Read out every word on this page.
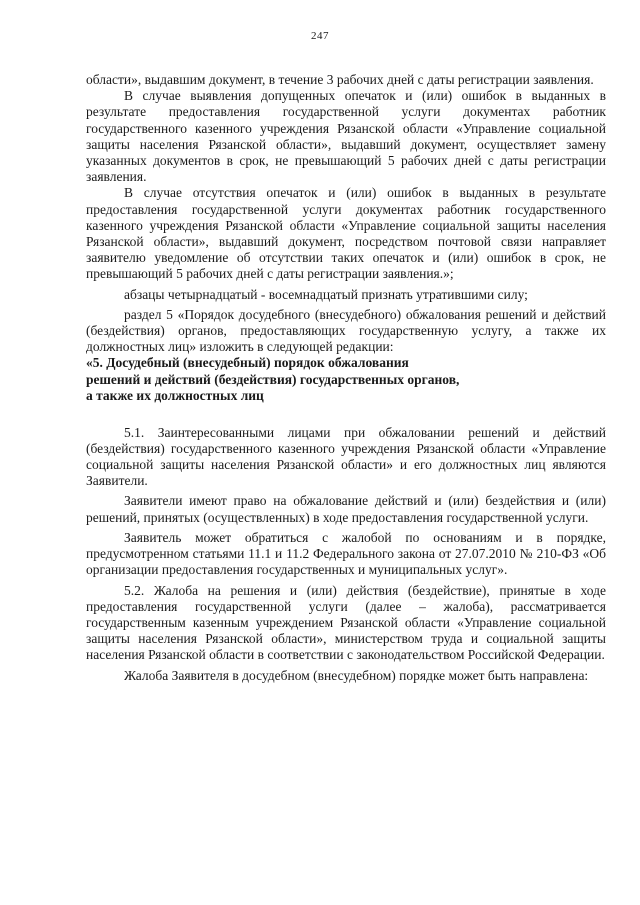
247

области», выдавшим документ, в течение 3 рабочих дней с даты регистрации заявления.

В случае выявления допущенных опечаток и (или) ошибок в выданных в результате предоставления государственной услуги документах работник государственного казенного учреждения Рязанской области «Управление социальной защиты населения Рязанской области», выдавший документ, осуществляет замену указанных документов в срок, не превышающий 5 рабочих дней с даты регистрации заявления.

В случае отсутствия опечаток и (или) ошибок в выданных в результате предоставления государственной услуги документах работник государственного казенного учреждения Рязанской области «Управление социальной защиты населения Рязанской области», выдавший документ, посредством почтовой связи направляет заявителю уведомление об отсутствии таких опечаток и (или) ошибок в срок, не превышающий 5 рабочих дней с даты регистрации заявления.»;

абзацы четырнадцатый - восемнадцатый признать утратившими силу;

раздел 5 «Порядок досудебного (внесудебного) обжалования решений и действий (бездействия) органов, предоставляющих государственную услугу, а также их должностных лиц» изложить в следующей редакции:

«5. Досудебный (внесудебный) порядок обжалования

решений и действий (бездействия) государственных органов,

а также их должностных лиц

5.1. Заинтересованными лицами при обжаловании решений и действий (бездействия) государственного казенного учреждения Рязанской области «Управление социальной защиты населения Рязанской области» и его должностных лиц являются Заявители.

Заявители имеют право на обжалование действий и (или) бездействия и (или) решений, принятых (осуществленных) в ходе предоставления государственной услуги.

Заявитель может обратиться с жалобой по основаниям и в порядке, предусмотренном статьями 11.1 и 11.2 Федерального закона от 27.07.2010 № 210-ФЗ «Об организации предоставления государственных и муниципальных услуг».

5.2. Жалоба на решения и (или) действия (бездействие), принятые в ходе предоставления государственной услуги (далее – жалоба), рассматривается государственным казенным учреждением Рязанской области «Управление социальной защиты населения Рязанской области», министерством труда и социальной защиты населения Рязанской области в соответствии с законодательством Российской Федерации.

Жалоба Заявителя в досудебном (внесудебном) порядке может быть направлена:
